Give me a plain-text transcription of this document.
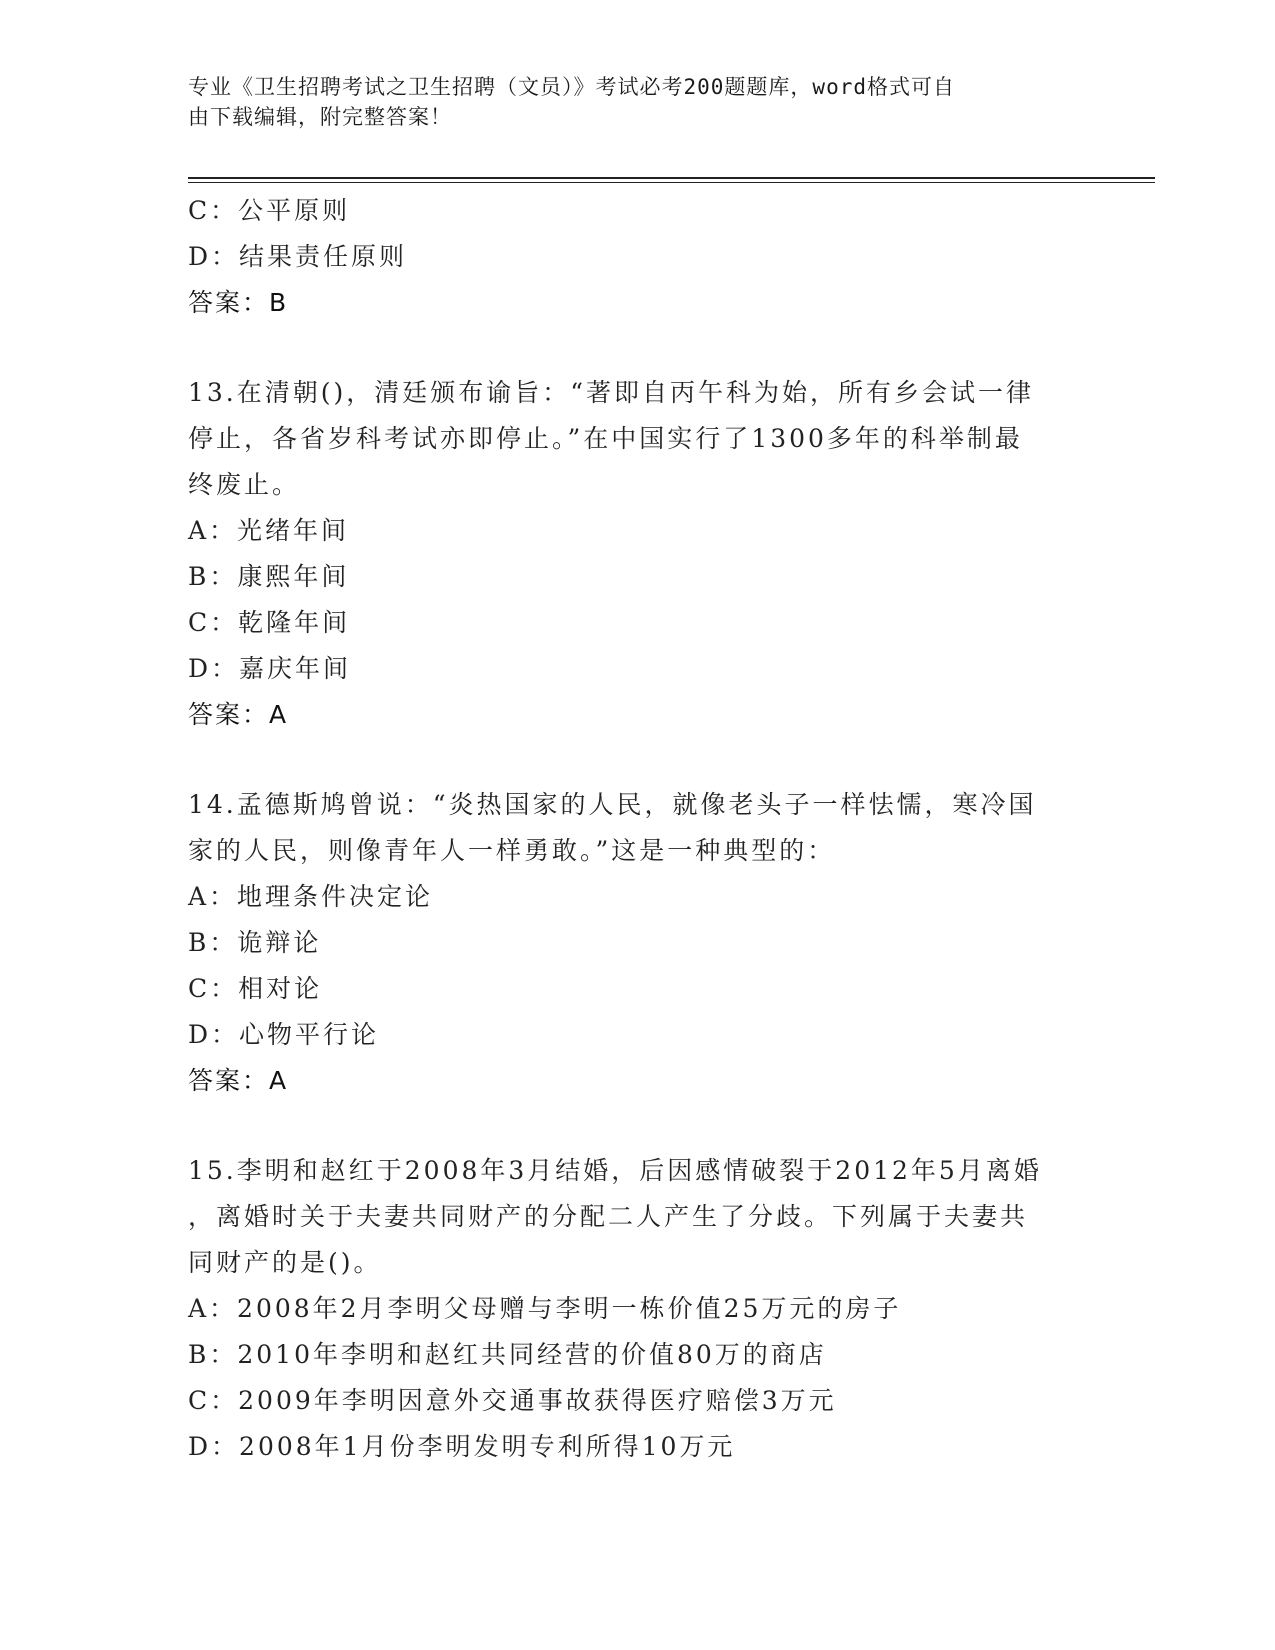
专业《卫生招聘考试之卫生招聘（文员）》考试必考200题题库，word格式可自
由下载编辑，附完整答案！
C：公平原则
D：结果责任原则
答案：B
13.在清朝()，清廷颁布谕旨：“著即自丙午科为始，所有乡会试一律
停止，各省岁科考试亦即停止。”在中国实行了1300多年的科举制最
终废止。
A：光绪年间
B：康熙年间
C：乾隆年间
D：嘉庆年间
答案：A
14.孟德斯鸠曾说：“炎热国家的人民，就像老头子一样怯懦，寒冷国
家的人民，则像青年人一样勇敢。”这是一种典型的：
A：地理条件决定论
B：诡辩论
C：相对论
D：心物平行论
答案：A
15.李明和赵红于2008年3月结婚，后因感情破裂于2012年5月离婚
，离婚时关于夫妻共同财产的分配二人产生了分歧。下列属于夫妻共
同财产的是()。
A：2008年2月李明父母赠与李明一栋价值25万元的房子
B：2010年李明和赵红共同经营的价值80万的商店
C：2009年李明因意外交通事故获得医疗赔偿3万元
D：2008年1月份李明发明专利所得10万元
